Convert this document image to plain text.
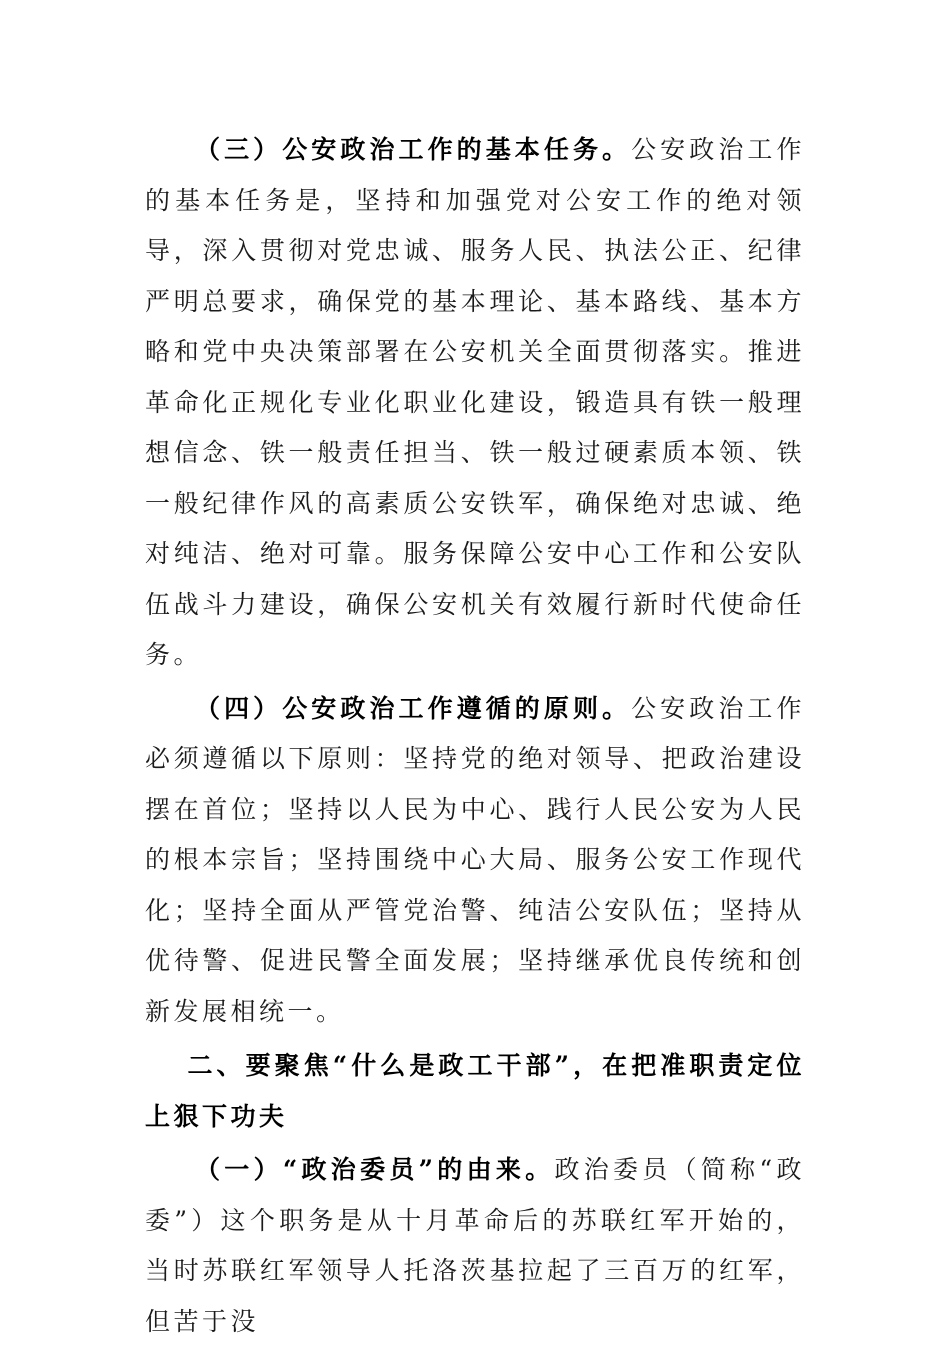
（三）公安政治工作的基本任务。公安政治工作的基本任务是，坚持和加强党对公安工作的绝对领导，深入贯彻对党忠诚、服务人民、执法公正、纪律严明总要求，确保党的基本理论、基本路线、基本方略和党中央决策部署在公安机关全面贯彻落实。推进革命化正规化专业化职业化建设，锻造具有铁一般理想信念、铁一般责任担当、铁一般过硬素质本领、铁一般纪律作风的高素质公安铁军，确保绝对忠诚、绝对纯洁、绝对可靠。服务保障公安中心工作和公安队伍战斗力建设，确保公安机关有效履行新时代使命任务。

（四）公安政治工作遵循的原则。公安政治工作必须遵循以下原则：坚持党的绝对领导、把政治建设摆在首位；坚持以人民为中心、践行人民公安为人民的根本宗旨；坚持围绕中心大局、服务公安工作现代化；坚持全面从严管党治警、纯洁公安队伍；坚持从优待警、促进民警全面发展；坚持继承优良传统和创新发展相统一。

二、要聚焦“什么是政工干部”，在把准职责定位上狠下功夫

（一）“政治委员”的由来。政治委员（简称“政委”）这个职务是从十月革命后的苏联红军开始的，当时苏联红军领导人托洛茨基拉起了三百万的红军，但苦于没
